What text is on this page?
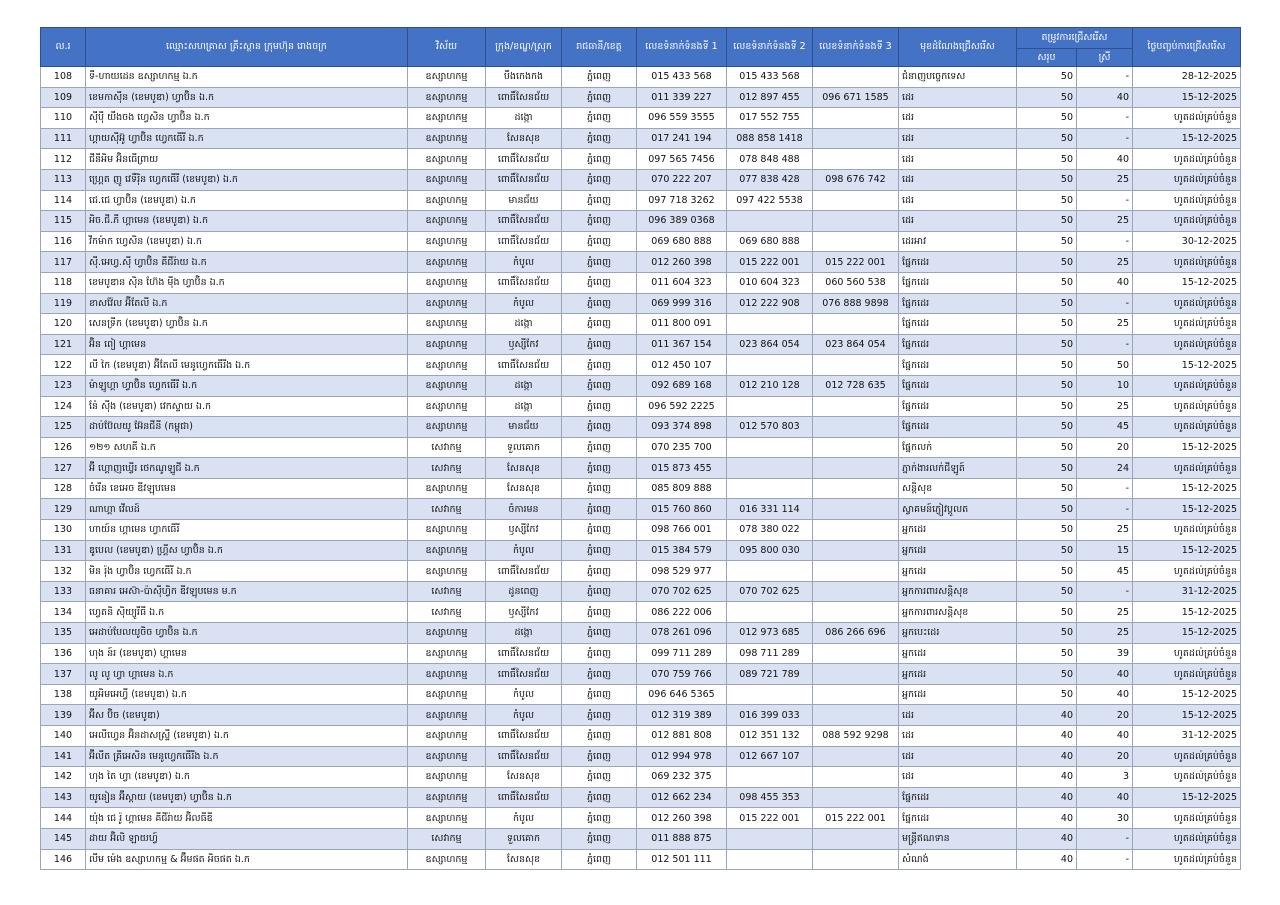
ល.រ	ឈ្មោះសហគ្រាស គ្រឹះស្ថាន ក្រុមហ៊ុន រោងចក្រ	វិស័យ	ក្រុង/ខណ្ឌ/ស្រុក	រាជធានី/ខេត្ត	លេខទំនាក់ទំនងទី 1	លេខទំនាក់ទំនងទី 2	លេខទំនាក់ទំនងទី 3	មុខដំណែងជ្រើសរើស	តម្រូវការជ្រើសរើស		ថ្ងៃបញ្ចប់ការជ្រើសរើស
									សរុប	ស្រី	
108	ទី-ហាយដេន ឧស្សាហកម្ម ឯ.ក	ឧស្សាហកម្ម	បឹងកេងកង	ភ្នំពេញ	015 433 568	015 433 568		ជំនាញបច្ចេកទេស	50	-	28-12-2025
109	ខេមកាសុីន (ខេមបូឌា) ហ្វាប៊ិន ឯ.ក	ឧស្សាហកម្ម	ពោធិ៍សែនជ័យ	ភ្នំពេញ	011 339 227	012 897 455	096 671 1585	ដេរ	50	40	15-12-2025
110	ស៊ីប៉ី យឹងចង ហ្វេសិន ហ្វាប៊ិន ឯ.ក	ឧស្សាហកម្ម	ដង្កោ	ភ្នំពេញ	096 559 3555	017 552 755		ដេរ	50	-	ហូតដល់គ្រប់ចំនួន
111	ហ្គាយស៊ីអ៊ូ ហ្វាប៊ិន ហ្វេកធើរី ឯ.ក	ឧស្សាហកម្ម	សែនសុខ	ភ្នំពេញ	017 241 194	088 858 1418		ដេរ	50	-	15-12-2025
112	ជីនីអិម អ៊ិនធើព្រាយ	ឧស្សាហកម្ម	ពោធិ៍សែនជ័យ	ភ្នំពេញ	097 565 7456	078 848 488		ដេរ	50	40	ហូតដល់គ្រប់ចំនួន
113	ហ្គ្រេត ញូ វេទឺរ៉ិន ហ្វេកធើរី (ខេមបូឌា) ឯ.ក	ឧស្សាហកម្ម	ពោធិ៍សែនជ័យ	ភ្នំពេញ	070 222 207	077 838 428	098 676 742	ដេរ	50	25	ហូតដល់គ្រប់ចំនួន
114	ជេ.ជេ ហ្វាប៊ិន (ខេមបូឌា) ឯ.ក	ឧស្សាហកម្ម	មានជ័យ	ភ្នំពេញ	097 718 3262	097 422 5538		ដេរ	50	-	ហូតដល់គ្រប់ចំនួន
115	អិច.ជី.ភី ហ្គាមេន (ខេមបូឌា) ឯ.ក	ឧស្សាហកម្ម	ពោធិ៍សែនជ័យ	ភ្នំពេញ	096 389 0368			ដេរ	50	25	ហូតដល់គ្រប់ចំនួន
116	វីកម៉ាក ហ្វេសិន (ខេមបូឌា) ឯ.ក	ឧស្សាហកម្ម	ពោធិ៍សែនជ័យ	ភ្នំពេញ	069 680 888	069 680 888		ដេរអាវ	50	-	30-12-2025
117	ស៊ី.អេហ្វ.ស៊ី ហ្វាប៊ិន គីជីរ៉ាយ ឯ.ក	ឧស្សាហកម្ម	កំបូល	ភ្នំពេញ	012 260 398	015 222 001	015 222 001	ផ្នែកដេរ	50	25	ហូតដល់គ្រប់ចំនួន
118	ខេមបូឌាន ស៊ិន ហ៊ែង ម៉ីង ហ្វាប៊ិន ឯ.ក	ឧស្សាហកម្ម	ពោធិ៍សែនជ័យ	ភ្នំពេញ	011 604 323	010 604 323	060 560 538	ផ្នែកដេរ	50	40	15-12-2025
119	ខាសវ៉ែល អ៊ីតែលី ឯ.ក	ឧស្សាហកម្ម	កំបូល	ភ្នំពេញ	069 999 316	012 222 908	076 888 9898	ផ្នែកដេរ	50	-	ហូតដល់គ្រប់ចំនួន
120	សេនទ្រីក (ខេមបូឌា) ហ្វាប៊ិន ឯ.ក	ឧស្សាហកម្ម	ដង្កោ	ភ្នំពេញ	011 800 091			ផ្នែកដេរ	50	25	ហូតដល់គ្រប់ចំនួន
121	អ៊ិន ពៀ ហ្គាមេន	ឧស្សាហកម្ម	ឫស្សីកែវ	ភ្នំពេញ	011 367 154	023 864 054	023 864 054	ផ្នែកដេរ	50	-	ហូតដល់គ្រប់ចំនួន
122	លី កៃ (ខេមបូឌា) អ៊ីតែលី មេនូហ្វេកធើរីង ឯ.ក	ឧស្សាហកម្ម	ពោធិ៍សែនជ័យ	ភ្នំពេញ	012 450 107			ផ្នែកដេរ	50	50	15-12-2025
123	ម៉ាឡូហ្គា ហ្វាប៊ិន ហ្វេកធើរី ឯ.ក	ឧស្សាហកម្ម	ដង្កោ	ភ្នំពេញ	092 689 168	012 210 128	012 728 635	ផ្នែកដេរ	50	10	ហូតដល់គ្រប់ចំនួន
124	ន៉ែ ស៊ីង (ខេមបូឌា) វេកស្ទាយ ឯ.ក	ឧស្សាហកម្ម	ដង្កោ	ភ្នំពេញ	096 592 2225			ផ្នែកដេរ	50	25	ហូតដល់គ្រប់ចំនួន
125	ដាប់ប៊ែលយូ អ៊ែនជីនី (កម្ពុជា)	ឧស្សាហកម្ម	មានជ័យ	ភ្នំពេញ	093 374 898	012 570 803		ផ្នែកដេរ	50	45	ហូតដល់គ្រប់ចំនួន
126	១២១ សហគី ឯ.ក	សេវាកម្ម	ទួលគោក	ភ្នំពេញ	070 235 700			ផ្នែកលក់	50	20	15-12-2025
127	អ៊ី ហ្គោញឃ្វើរ ថេកណូឡូជី ឯ.ក	សេវាកម្ម	សែនសុខ	ភ្នំពេញ	015 873 455			ភ្នាក់ងារលក់ជីឡូត៍	50	24	ហូតដល់គ្រប់ចំនួន
128	ចំរើន ខេអេច ឌីវឡុបមេន	ឧស្សាហកម្ម	សែនសុខ	ភ្នំពេញ	085 809 888			សន្តិសុខ	50	-	15-12-2025
129	ណាហ្គា វើលដ៍	សេវាកម្ម	ចំការមន	ភ្នំពេញ	015 760 860	016 331 114		ស្វាគមន៍ភ្ញៀវប្ដូលត	50	-	15-12-2025
130	ហាយ៍ន ហ្គាមេន ហ្វាកធើរី	ឧស្សាហកម្ម	ឫស្សីកែវ	ភ្នំពេញ	098 766 001	078 380 022		អ្នកដេរ	50	25	ហូតដល់គ្រប់ចំនួន
131	ឌូបេល (ខេមបូឌា) ហ្គ្រីស ហ្វាប៊ិន ឯ.ក	ឧស្សាហកម្ម	កំបូល	ភ្នំពេញ	015 384 579	095 800 030		អ្នកដេរ	50	15	15-12-2025
132	មិន រ៉ុង ហ្វាប៊ិន ហ្វេកធើរី ឯ.ក	ឧស្សាហកម្ម	ពោធិ៍សែនជ័យ	ភ្នំពេញ	098 529 977			អ្នកដេរ	50	45	ហូតដល់គ្រប់ចំនួន
133	ធនាគារ អេស៊ា-ប៉ាស៊ីហ្វិក ឌីវឡុបមេន ម.ក	សេវាកម្ម	ដូនពេញ	ភ្នំពេញ	070 702 625	070 702 625		អ្នកការពារសន្តិសុខ	50	-	31-12-2025
134	ហ្វេតនិ ស៊ិយ្យូរីធី ឯ.ក	សេវាកម្ម	ឫស្សីកែវ	ភ្នំពេញ	086 222 006			អ្នកការពារសន្តិសុខ	50	25	15-12-2025
135	អេដាប់បែលយូចិច ហ្វាប៊ិន ឯ.ក	ឧស្សាហកម្ម	ដង្កោ	ភ្នំពេញ	078 261 096	012 973 685	086 266 696	អ្នកបេះដេរ	50	25	15-12-2025
136	ហុង ន៍រ (ខេមបូឌា) ហ្គាមេន	ឧស្សាហកម្ម	ពោធិ៍សែនជ័យ	ភ្នំពេញ	099 711 289	098 711 289		អ្នកដេរ	50	39	ហូតដល់គ្រប់ចំនួន
137	លូ លូ ហ្វា ហ្គាមេន ឯ.ក	ឧស្សាហកម្ម	ពោធិ៍សែនជ័យ	ភ្នំពេញ	070 759 766	089 721 789		អ្នកដេរ	50	40	ហូតដល់គ្រប់ចំនួន
138	យូអិមអេហ្វី (ខេមបូឌា) ឯ.ក	ឧស្សាហកម្ម	កំបូល	ភ្នំពេញ	096 646 5365			អ្នកដេរ	50	40	15-12-2025
139	អ៊ីស ប៊ិច (ខេមបូឌា)	ឧស្សាហកម្ម	កំបូល	ភ្នំពេញ	012 319 389	016 399 033		ដេរ	40	20	15-12-2025
140	អេលីហ្វេន អ៊ិនដាសស្ទ្រី (ខេមបូឌា) ឯ.ក	ឧស្សាហកម្ម	ពោធិ៍សែនជ័យ	ភ្នំពេញ	012 881 808	012 351 132	088 592 9298	ដេរ	40	40	31-12-2025
141	អ៊ីលីត គ្រីអេសិន មេនូហ្វេកធើរីង ឯ.ក	ឧស្សាហកម្ម	ពោធិ៍សែនជ័យ	ភ្នំពេញ	012 994 978	012 667 107		ដេរ	40	20	ហូតដល់គ្រប់ចំនួន
142	ហុង តៃ ហ្វា (ខេមបូឌា) ឯ.ក	ឧស្សាហកម្ម	សែនសុខ	ភ្នំពេញ	069 232 375			ដេរ	40	3	ហូតដល់គ្រប់ចំនួន
143	យូនៀន អ៊ីស្តាយ (ខេមបូឌា) ហ្វាប៊ិន ឯ.ក	ឧស្សាហកម្ម	ពោធិ៍សែនជ័យ	ភ្នំពេញ	012 662 234	098 455 353		ផ្នែកដេរ	40	40	15-12-2025
144	យ៉ុង ជេ រ៉ូ ហ្គាមេន គីជីរ៉ាយ អ៊ិលធីឌី	ឧស្សាហកម្ម	កំបូល	ភ្នំពេញ	012 260 398	015 222 001	015 222 001	ផ្នែកដេរ	40	30	ហូតដល់គ្រប់ចំនួន
145	ដាយ អ៊ិលិ ឡាយហ្វ៍	សេវាកម្ម	ទួលគោក	ភ្នំពេញ	011 888 875			មន្ត្រីឥណទាន	40	-	ហូតដល់គ្រប់ចំនួន
146	លីម ម៉េង ឧស្សាហកម្ម & អ៊ឹមផត អិចផត ឯ.ក	ឧស្សាហកម្ម	សែនសុខ	ភ្នំពេញ	012 501 111			សំណង់	40	-	ហូតដល់គ្រប់ចំនួន
